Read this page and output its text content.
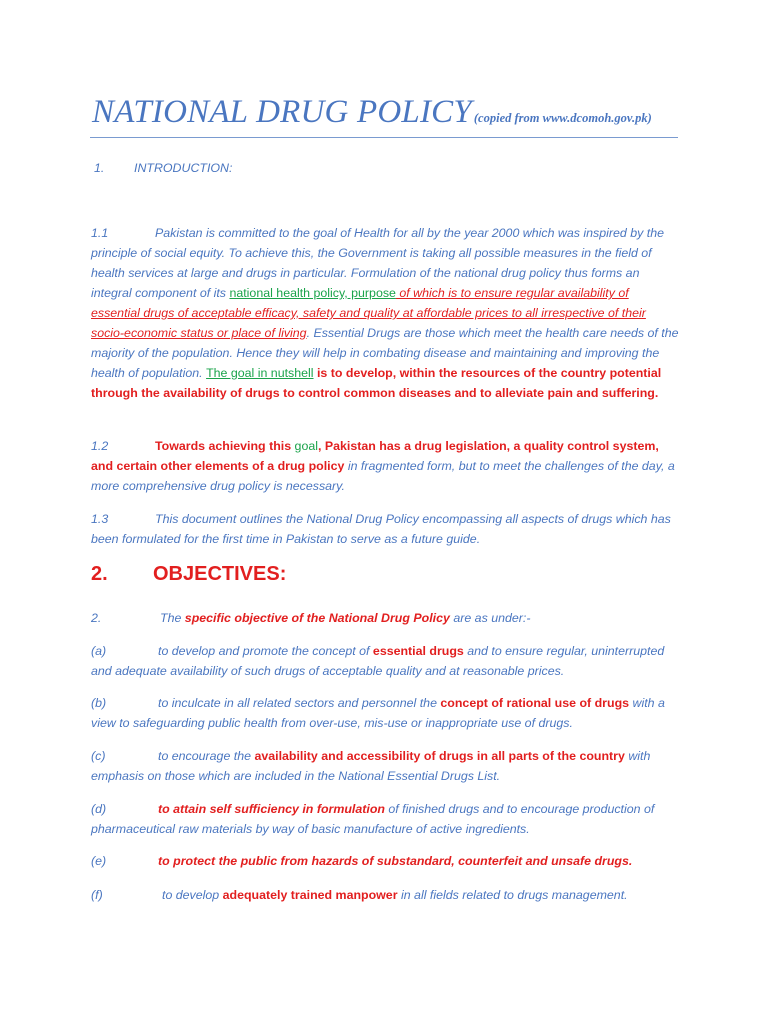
NATIONAL DRUG POLICY (copied from www.dcomoh.gov.pk)
1. INTRODUCTION:
1.1	Pakistan is committed to the goal of Health for all by the year 2000 which was inspired by the principle of social equity. To achieve this, the Government is taking all possible measures in the field of health services at large and drugs in particular. Formulation of the national drug policy thus forms an integral component of its national health policy, purpose of which is to ensure regular availability of essential drugs of acceptable efficacy, safety and quality at affordable prices to all irrespective of their socio-economic status or place of living. Essential Drugs are those which meet the health care needs of the majority of the population. Hence they will help in combating disease and maintaining and improving the health of population. The goal in nutshell is to develop, within the resources of the country potential through the availability of drugs to control common diseases and to alleviate pain and suffering.
1.2	Towards achieving this goal, Pakistan has a drug legislation, a quality control system, and certain other elements of a drug policy in fragmented form, but to meet the challenges of the day, a more comprehensive drug policy is necessary.
1.3	This document outlines the National Drug Policy encompassing all aspects of drugs which has been formulated for the first time in Pakistan to serve as a future guide.
2. OBJECTIVES:
2.	The specific objective of the National Drug Policy are as under:-
(a)	to develop and promote the concept of essential drugs and to ensure regular, uninterrupted and adequate availability of such drugs of acceptable quality and at reasonable prices.
(b)	to inculcate in all related sectors and personnel the concept of rational use of drugs with a view to safeguarding public health from over-use, mis-use or inappropriate use of drugs.
(c)	to encourage the availability and accessibility of drugs in all parts of the country with emphasis on those which are included in the National Essential Drugs List.
(d)	to attain self sufficiency in formulation of finished drugs and to encourage production of pharmaceutical raw materials by way of basic manufacture of active ingredients.
(e)	to protect the public from hazards of substandard, counterfeit and unsafe drugs.
(f)	to develop adequately trained manpower in all fields related to drugs management.
